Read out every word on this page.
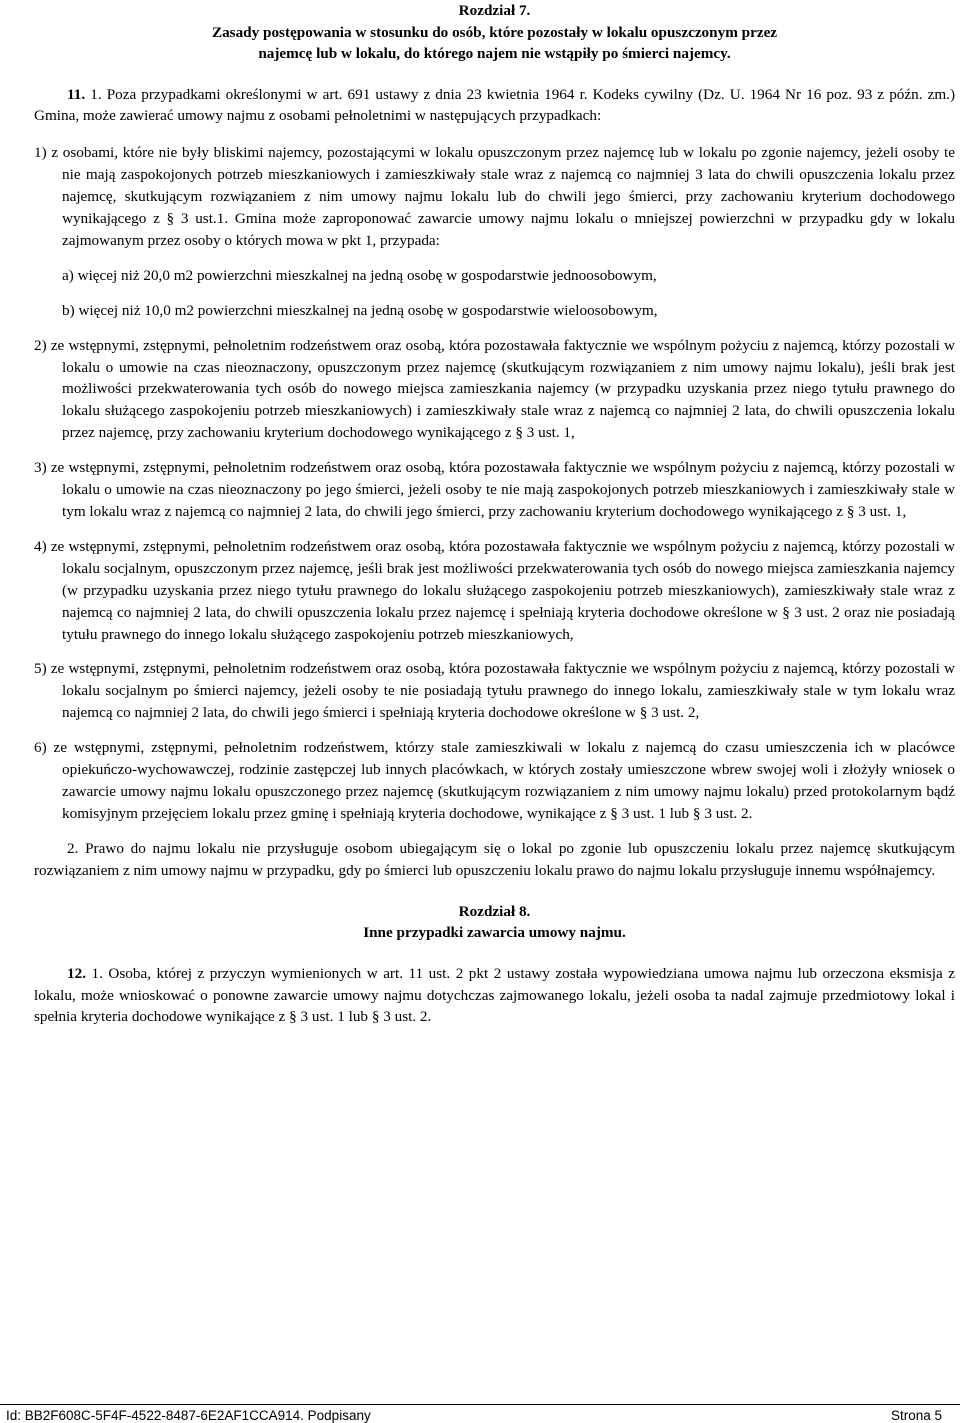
Rozdział 7.

Zasady postępowania w stosunku do osób, które pozostały w lokalu opuszczonym przez

najemcę lub w lokalu, do którego najem nie wstąpiły po śmierci najemcy.

11. 1. Poza przypadkami określonymi w art. 691 ustawy z dnia 23 kwietnia 1964 r. Kodeks cywilny (Dz. U. 1964 Nr 16 poz. 93 z późn. zm.) Gmina, może zawierać umowy najmu z osobami pełnoletnimi w następujących przypadkach:

1) z osobami, które nie były bliskimi najemcy, pozostającymi w lokalu opuszczonym przez najemcę lub w lokalu po zgonie najemcy, jeżeli osoby te nie mają zaspokojonych potrzeb mieszkaniowych i zamieszkiwały stale wraz z najemcą co najmniej 3 lata do chwili opuszczenia lokalu przez najemcę, skutkującym rozwiązaniem z nim umowy najmu lokalu lub do chwili jego śmierci, przy zachowaniu kryterium dochodowego wynikającego z § 3 ust.1. Gmina może zaproponować zawarcie umowy najmu lokalu o mniejszej powierzchni w przypadku gdy w lokalu zajmowanym przez osoby o których mowa w pkt 1, przypada:

a) więcej niż 20,0 m2 powierzchni mieszkalnej na jedną osobę w gospodarstwie jednoosobowym,

b) więcej niż 10,0 m2 powierzchni mieszkalnej na jedną osobę w gospodarstwie wieloosobowym,

2) ze wstępnymi, zstępnymi, pełnoletnim rodzeństwem oraz osobą, która pozostawała faktycznie we wspólnym pożyciu z najemcą, którzy pozostali w lokalu o umowie na czas nieoznaczony, opuszczonym przez najemcę (skutkującym rozwiązaniem z nim umowy najmu lokalu), jeśli brak jest możliwości przekwaterowania tych osób do nowego miejsca zamieszkania najemcy (w przypadku uzyskania przez niego tytułu prawnego do lokalu służącego zaspokojeniu potrzeb mieszkaniowych) i zamieszkiwały stale wraz z najemcą co najmniej 2 lata, do chwili opuszczenia lokalu przez najemcę, przy zachowaniu kryterium dochodowego wynikającego z § 3 ust. 1,

3) ze wstępnymi, zstępnymi, pełnoletnim rodzeństwem oraz osobą, która pozostawała faktycznie we wspólnym pożyciu z najemcą, którzy pozostali w lokalu o umowie na czas nieoznaczony po jego śmierci, jeżeli osoby te nie mają zaspokojonych potrzeb mieszkaniowych i zamieszkiwały stale w tym lokalu wraz z najemcą co najmniej 2 lata, do chwili jego śmierci, przy zachowaniu kryterium dochodowego wynikającego z § 3 ust. 1,

4) ze wstępnymi, zstępnymi, pełnoletnim rodzeństwem oraz osobą, która pozostawała faktycznie we wspólnym pożyciu z najemcą, którzy pozostali w lokalu socjalnym, opuszczonym przez najemcę, jeśli brak jest możliwości przekwaterowania tych osób do nowego miejsca zamieszkania najemcy (w przypadku uzyskania przez niego tytułu prawnego do lokalu służącego zaspokojeniu potrzeb mieszkaniowych), zamieszkiwały stale wraz z najemcą co najmniej 2 lata, do chwili opuszczenia lokalu przez najemcę i spełniają kryteria dochodowe określone w § 3 ust. 2 oraz nie posiadają tytułu prawnego do innego lokalu służącego zaspokojeniu potrzeb mieszkaniowych,

5) ze wstępnymi, zstępnymi, pełnoletnim rodzeństwem oraz osobą, która pozostawała faktycznie we wspólnym pożyciu z najemcą, którzy pozostali w lokalu socjalnym po śmierci najemcy, jeżeli osoby te nie posiadają tytułu prawnego do innego lokalu, zamieszkiwały stale w tym lokalu wraz najemcą co najmniej 2 lata, do chwili jego śmierci i spełniają kryteria dochodowe określone w § 3 ust. 2,

6) ze wstępnymi, zstępnymi, pełnoletnim rodzeństwem, którzy stale zamieszkiwali w lokalu z najemcą do czasu umieszczenia ich w placówce opiekuńczo-wychowawczej, rodzinie zastępczej lub innych placówkach, w których zostały umieszczone wbrew swojej woli i złożyły wniosek o zawarcie umowy najmu lokalu opuszczonego przez najemcę (skutkującym rozwiązaniem z nim umowy najmu lokalu) przed protokolarnym bądź komisyjnym przejęciem lokalu przez gminę i spełniają kryteria dochodowe, wynikające z § 3 ust. 1 lub § 3 ust. 2.

2. Prawo do najmu lokalu nie przysługuje osobom ubiegającym się o lokal po zgonie lub opuszczeniu lokalu przez najemcę skutkującym rozwiązaniem z nim umowy najmu w przypadku, gdy po śmierci lub opuszczeniu lokalu prawo do najmu lokalu przysługuje innemu współnajemcy.

Rozdział 8.

Inne przypadki zawarcia umowy najmu.

12. 1. Osoba, której z przyczyn wymienionych w art. 11 ust. 2 pkt 2 ustawy została wypowiedziana umowa najmu lub orzeczona eksmisja z lokalu, może wnioskować o ponowne zawarcie umowy najmu dotychczas zajmowanego lokalu, jeżeli osoba ta nadal zajmuje przedmiotowy lokal i spełnia kryteria dochodowe wynikające z § 3 ust. 1 lub § 3 ust. 2.

Id: BB2F608C-5F4F-4522-8487-6E2AF1CCA914. Podpisany	Strona 5
